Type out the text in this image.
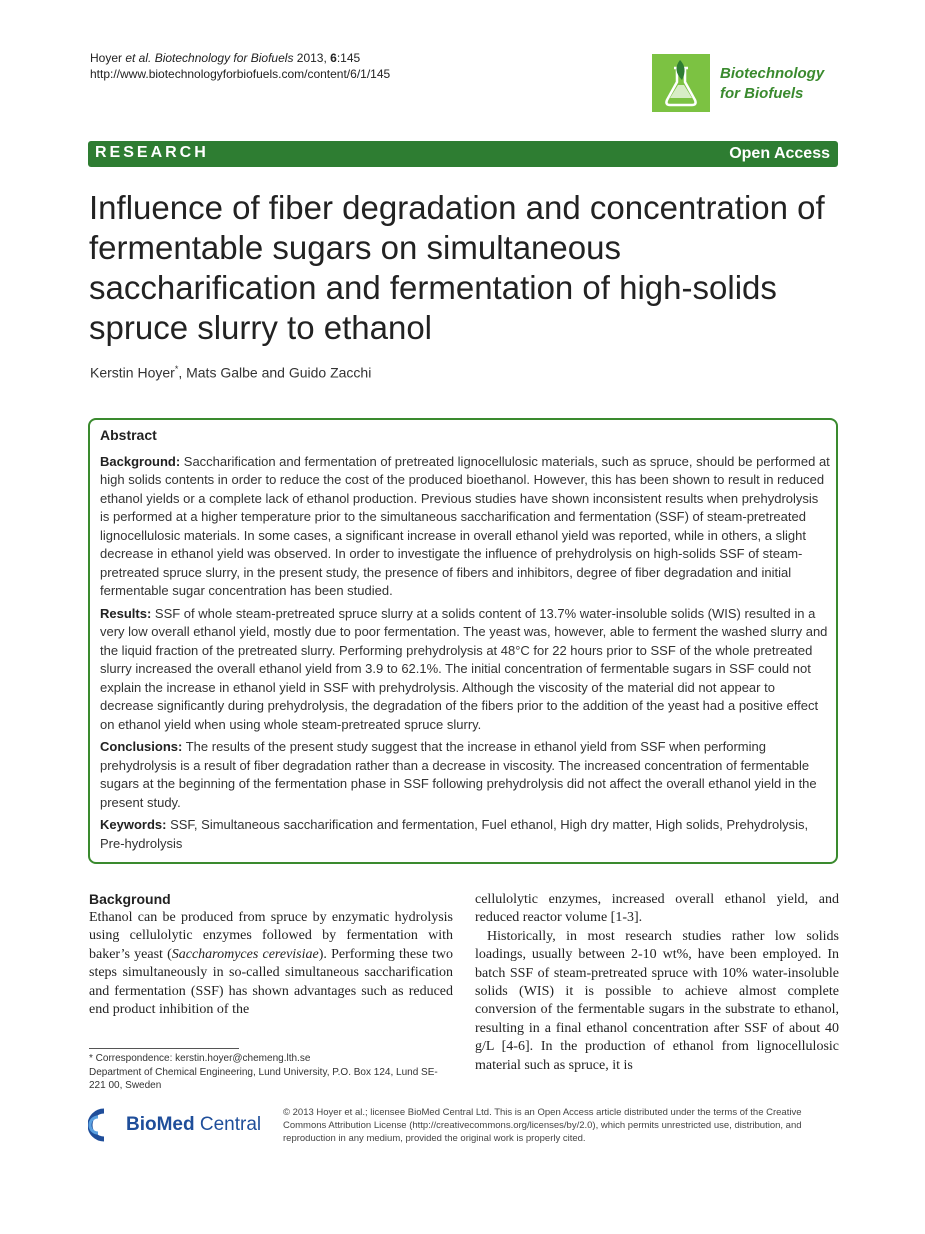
Hoyer et al. Biotechnology for Biofuels 2013, 6:145
http://www.biotechnologyforbiofuels.com/content/6/1/145	Biotechnology
for Biofuels
RESEARCH	Open Access
Influence of fiber degradation and concentration of fermentable sugars on simultaneous saccharification and fermentation of high-solids spruce slurry to ethanol
Kerstin Hoyer*, Mats Galbe and Guido Zacchi
Abstract

Background: Saccharification and fermentation of pretreated lignocellulosic materials, such as spruce, should be performed at high solids contents in order to reduce the cost of the produced bioethanol. However, this has been shown to result in reduced ethanol yields or a complete lack of ethanol production. Previous studies have shown inconsistent results when prehydrolysis is performed at a higher temperature prior to the simultaneous saccharification and fermentation (SSF) of steam-pretreated lignocellulosic materials. In some cases, a significant increase in overall ethanol yield was reported, while in others, a slight decrease in ethanol yield was observed. In order to investigate the influence of prehydrolysis on high-solids SSF of steam-pretreated spruce slurry, in the present study, the presence of fibers and inhibitors, degree of fiber degradation and initial fermentable sugar concentration has been studied.

Results: SSF of whole steam-pretreated spruce slurry at a solids content of 13.7% water-insoluble solids (WIS) resulted in a very low overall ethanol yield, mostly due to poor fermentation. The yeast was, however, able to ferment the washed slurry and the liquid fraction of the pretreated slurry. Performing prehydrolysis at 48°C for 22 hours prior to SSF of the whole pretreated slurry increased the overall ethanol yield from 3.9 to 62.1%. The initial concentration of fermentable sugars in SSF could not explain the increase in ethanol yield in SSF with prehydrolysis. Although the viscosity of the material did not appear to decrease significantly during prehydrolysis, the degradation of the fibers prior to the addition of the yeast had a positive effect on ethanol yield when using whole steam-pretreated spruce slurry.

Conclusions: The results of the present study suggest that the increase in ethanol yield from SSF when performing prehydrolysis is a result of fiber degradation rather than a decrease in viscosity. The increased concentration of fermentable sugars at the beginning of the fermentation phase in SSF following prehydrolysis did not affect the overall ethanol yield in the present study.

Keywords: SSF, Simultaneous saccharification and fermentation, Fuel ethanol, High dry matter, High solids, Prehydrolysis, Pre-hydrolysis

Background

Ethanol can be produced from spruce by enzymatic hydrolysis using cellulolytic enzymes followed by fermentation with baker’s yeast (Saccharomyces cerevisiae). Performing these two steps simultaneously in so-called simultaneous saccharification and fermentation (SSF) has shown advantages such as reduced end product inhibition of the

cellulolytic enzymes, increased overall ethanol yield, and reduced reactor volume [1-3].

Historically, in most research studies rather low solids loadings, usually between 2-10 wt%, have been employed. In batch SSF of steam-pretreated spruce with 10% water-insoluble solids (WIS) it is possible to achieve almost complete conversion of the fermentable sugars in the substrate to ethanol, resulting in a final ethanol concentration after SSF of about 40 g/L [4-6]. In the production of ethanol from lignocellulosic material such as spruce, it is

* Correspondence: kerstin.hoyer@chemeng.lth.se
Department of Chemical Engineering, Lund University, P.O. Box 124, Lund SE-221 00, Sweden
BioMed Central
© 2013 Hoyer et al.; licensee BioMed Central Ltd. This is an Open Access article distributed under the terms of the Creative Commons Attribution License (http://creativecommons.org/licenses/by/2.0), which permits unrestricted use, distribution, and reproduction in any medium, provided the original work is properly cited.
